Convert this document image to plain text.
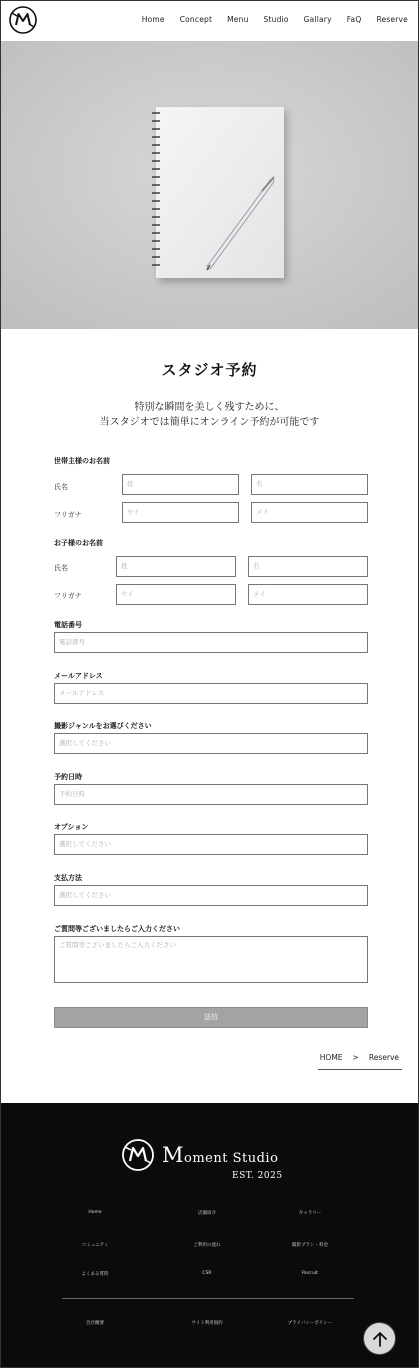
Home Concept Menu Studio Gallary FaQ Reserve
スタジオ予約
特別な瞬間を美しく残すために、
当スタジオでは簡単にオンライン予約が可能です
世帯主様のお名前
氏名	姓	名
フリガナ	セイ	メイ
お子様のお名前
氏名	姓	名
フリガナ	セイ	メイ
電話番号
電話番号
メールアドレス
メールアドレス
撮影ジャンルをお選びください
選択してください
予約日時
予約日時
オプション
選択してください
支払方法
選択してください
ご質問等ございましたらご入力ください
ご質問等ございましたらご入力ください
送信
HOME > Reserve
Moment Studio
EST. 2025
Home	店舗紹介	ギャラリー
コミュニティ	ご利用の流れ	撮影プラン・料金
よくある質問	CSR	Recruit
会社概要	サイト利用規約	プライバシーポリシー
